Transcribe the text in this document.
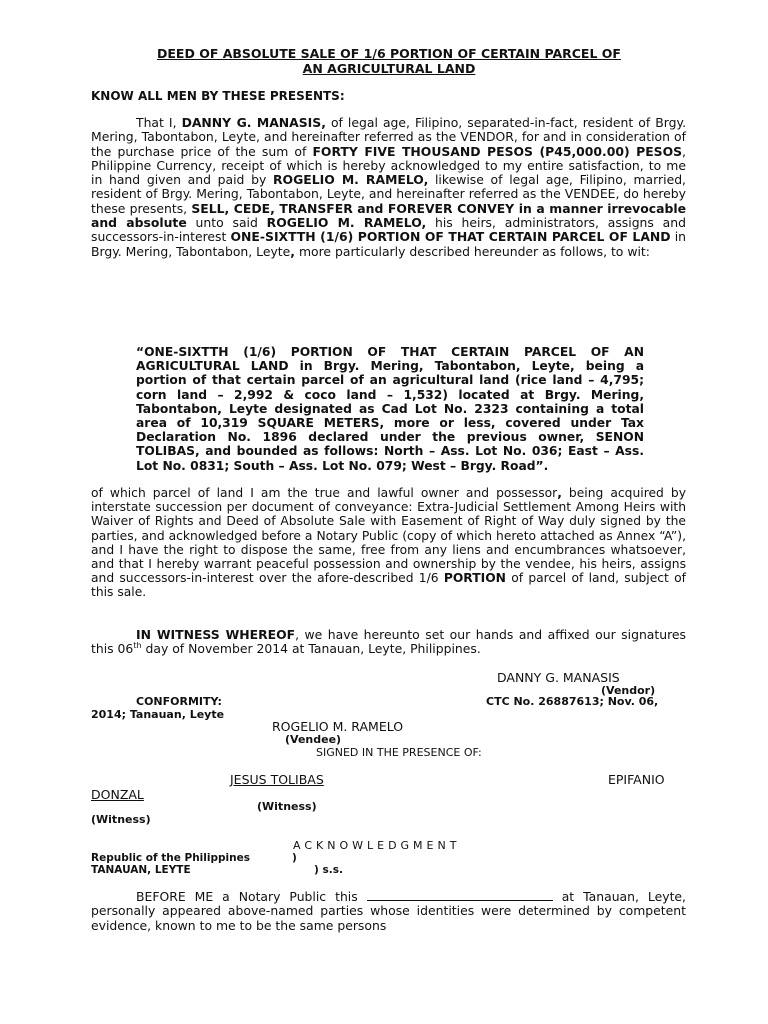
DEED OF ABSOLUTE SALE OF 1/6 PORTION OF CERTAIN PARCEL OF
AN AGRICULTURAL LAND
KNOW ALL MEN BY THESE PRESENTS:
That I, DANNY G. MANASIS, of legal age, Filipino, separated-in-fact, resident of Brgy. Mering, Tabontabon, Leyte, and hereinafter referred as the VENDOR, for and in consideration of the purchase price of the sum of FORTY FIVE THOUSAND PESOS (P45,000.00) PESOS, Philippine Currency, receipt of which is hereby acknowledged to my entire satisfaction, to me in hand given and paid by ROGELIO M. RAMELO, likewise of legal age, Filipino, married, resident of Brgy. Mering, Tabontabon, Leyte, and hereinafter referred as the VENDEE, do hereby these presents, SELL, CEDE, TRANSFER and FOREVER CONVEY in a manner irrevocable and absolute unto said ROGELIO M. RAMELO, his heirs, administrators, assigns and successors-in-interest ONE-SIXTTH (1/6) PORTION OF THAT CERTAIN PARCEL OF LAND in Brgy. Mering, Tabontabon, Leyte, more particularly described hereunder as follows, to wit:
“ONE-SIXTTH (1/6) PORTION OF THAT CERTAIN PARCEL OF AN AGRICULTURAL LAND in Brgy. Mering, Tabontabon, Leyte, being a portion of that certain parcel of an agricultural land (rice land – 4,795; corn land – 2,992 & coco land – 1,532) located at Brgy. Mering, Tabontabon, Leyte designated as Cad Lot No. 2323 containing a total area of 10,319 SQUARE METERS, more or less, covered under Tax Declaration No. 1896 declared under the previous owner, SENON TOLIBAS, and bounded as follows: North – Ass. Lot No. 036; East – Ass. Lot No. 0831; South – Ass. Lot No. 079; West – Brgy. Road”.
of which parcel of land I am the true and lawful owner and possessor, being acquired by interstate succession per document of conveyance: Extra-Judicial Settlement Among Heirs with Waiver of Rights and Deed of Absolute Sale with Easement of Right of Way duly signed by the parties, and acknowledged before a Notary Public (copy of which hereto attached as Annex “A”), and I have the right to dispose the same, free from any liens and encumbrances whatsoever, and that I hereby warrant peaceful possession and ownership by the vendee, his heirs, assigns and successors-in-interest over the afore-described 1/6 PORTION of parcel of land, subject of this sale.
IN WITNESS WHEREOF, we have hereunto set our hands and affixed our signatures this 06th day of November 2014 at Tanauan, Leyte, Philippines.
DANNY G. MANASIS
(Vendor)
CONFORMITY:	CTC No. 26887613; Nov. 06,
2014; Tanauan, Leyte
ROGELIO M. RAMELO
(Vendee)
SIGNED IN THE PRESENCE OF:
JESUS TOLIBAS	EPIFANIO
DONZAL
(Witness)
(Witness)
ACKNOWLEDGMENT
Republic of the Philippines	)
TANAUAN, LEYTE	) s.s.
BEFORE ME a Notary Public this	at Tanauan, Leyte, personally appeared above-named parties whose identities were determined by competent evidence, known to me to be the same persons
